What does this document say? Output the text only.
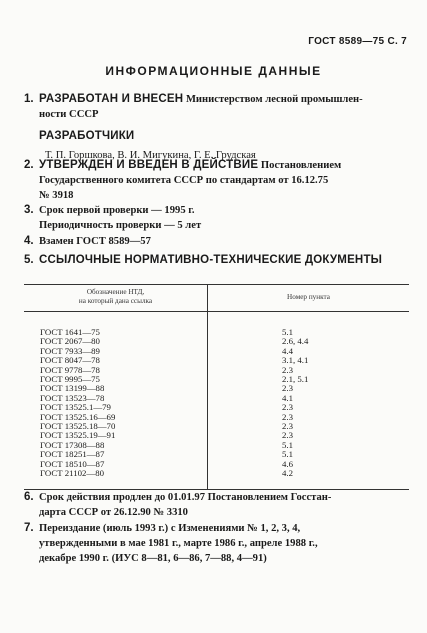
ГОСТ 8589—75 С. 7
ИНФОРМАЦИОННЫЕ ДАННЫЕ
1. РАЗРАБОТАН И ВНЕСЕН Министерством лесной промышлен-
ности СССР
РАЗРАБОТЧИКИ
Т. П. Горшкова, В. И. Мигукина, Г. Е. Грудская
2. УТВЕРЖДЕН И ВВЕДЕН В ДЕЙСТВИЕ Постановлением
Государственного комитета СССР по стандартам от 16.12.75
№ 3918
3. Срок первой проверки — 1995 г.
Периодичность проверки — 5 лет
4. Взамен ГОСТ 8589—57
5. ССЫЛОЧНЫЕ НОРМАТИВНО-ТЕХНИЧЕСКИЕ ДОКУМЕНТЫ
Обозначение НТД,
на который дана ссылка	Номер пункта

ГОСТ 1641—75	5.1
ГОСТ 2067—80	2.6, 4.4
ГОСТ 7933—89	4.4
ГОСТ 8047—78	3.1, 4.1
ГОСТ 9778—78	2.3
ГОСТ 9995—75	2.1, 5.1
ГОСТ 13199—88	2.3
ГОСТ 13523—78	4.1
ГОСТ 13525.1—79	2.3
ГОСТ 13525.16—69	2.3
ГОСТ 13525.18—70	2.3
ГОСТ 13525.19—91	2.3
ГОСТ 17308—88	5.1
ГОСТ 18251—87	5.1
ГОСТ 18510—87	4.6
ГОСТ 21102—80	4.2

6. Срок действия продлен до 01.01.97 Постановлением Госстан-
дарта СССР от 26.12.90 № 3310
7. Переиздание (июль 1993 г.) с Изменениями № 1, 2, 3, 4,
утвержденными в мае 1981 г., марте 1986 г., апреле 1988 г.,
декабре 1990 г. (ИУС 8—81, 6—86, 7—88, 4—91)
